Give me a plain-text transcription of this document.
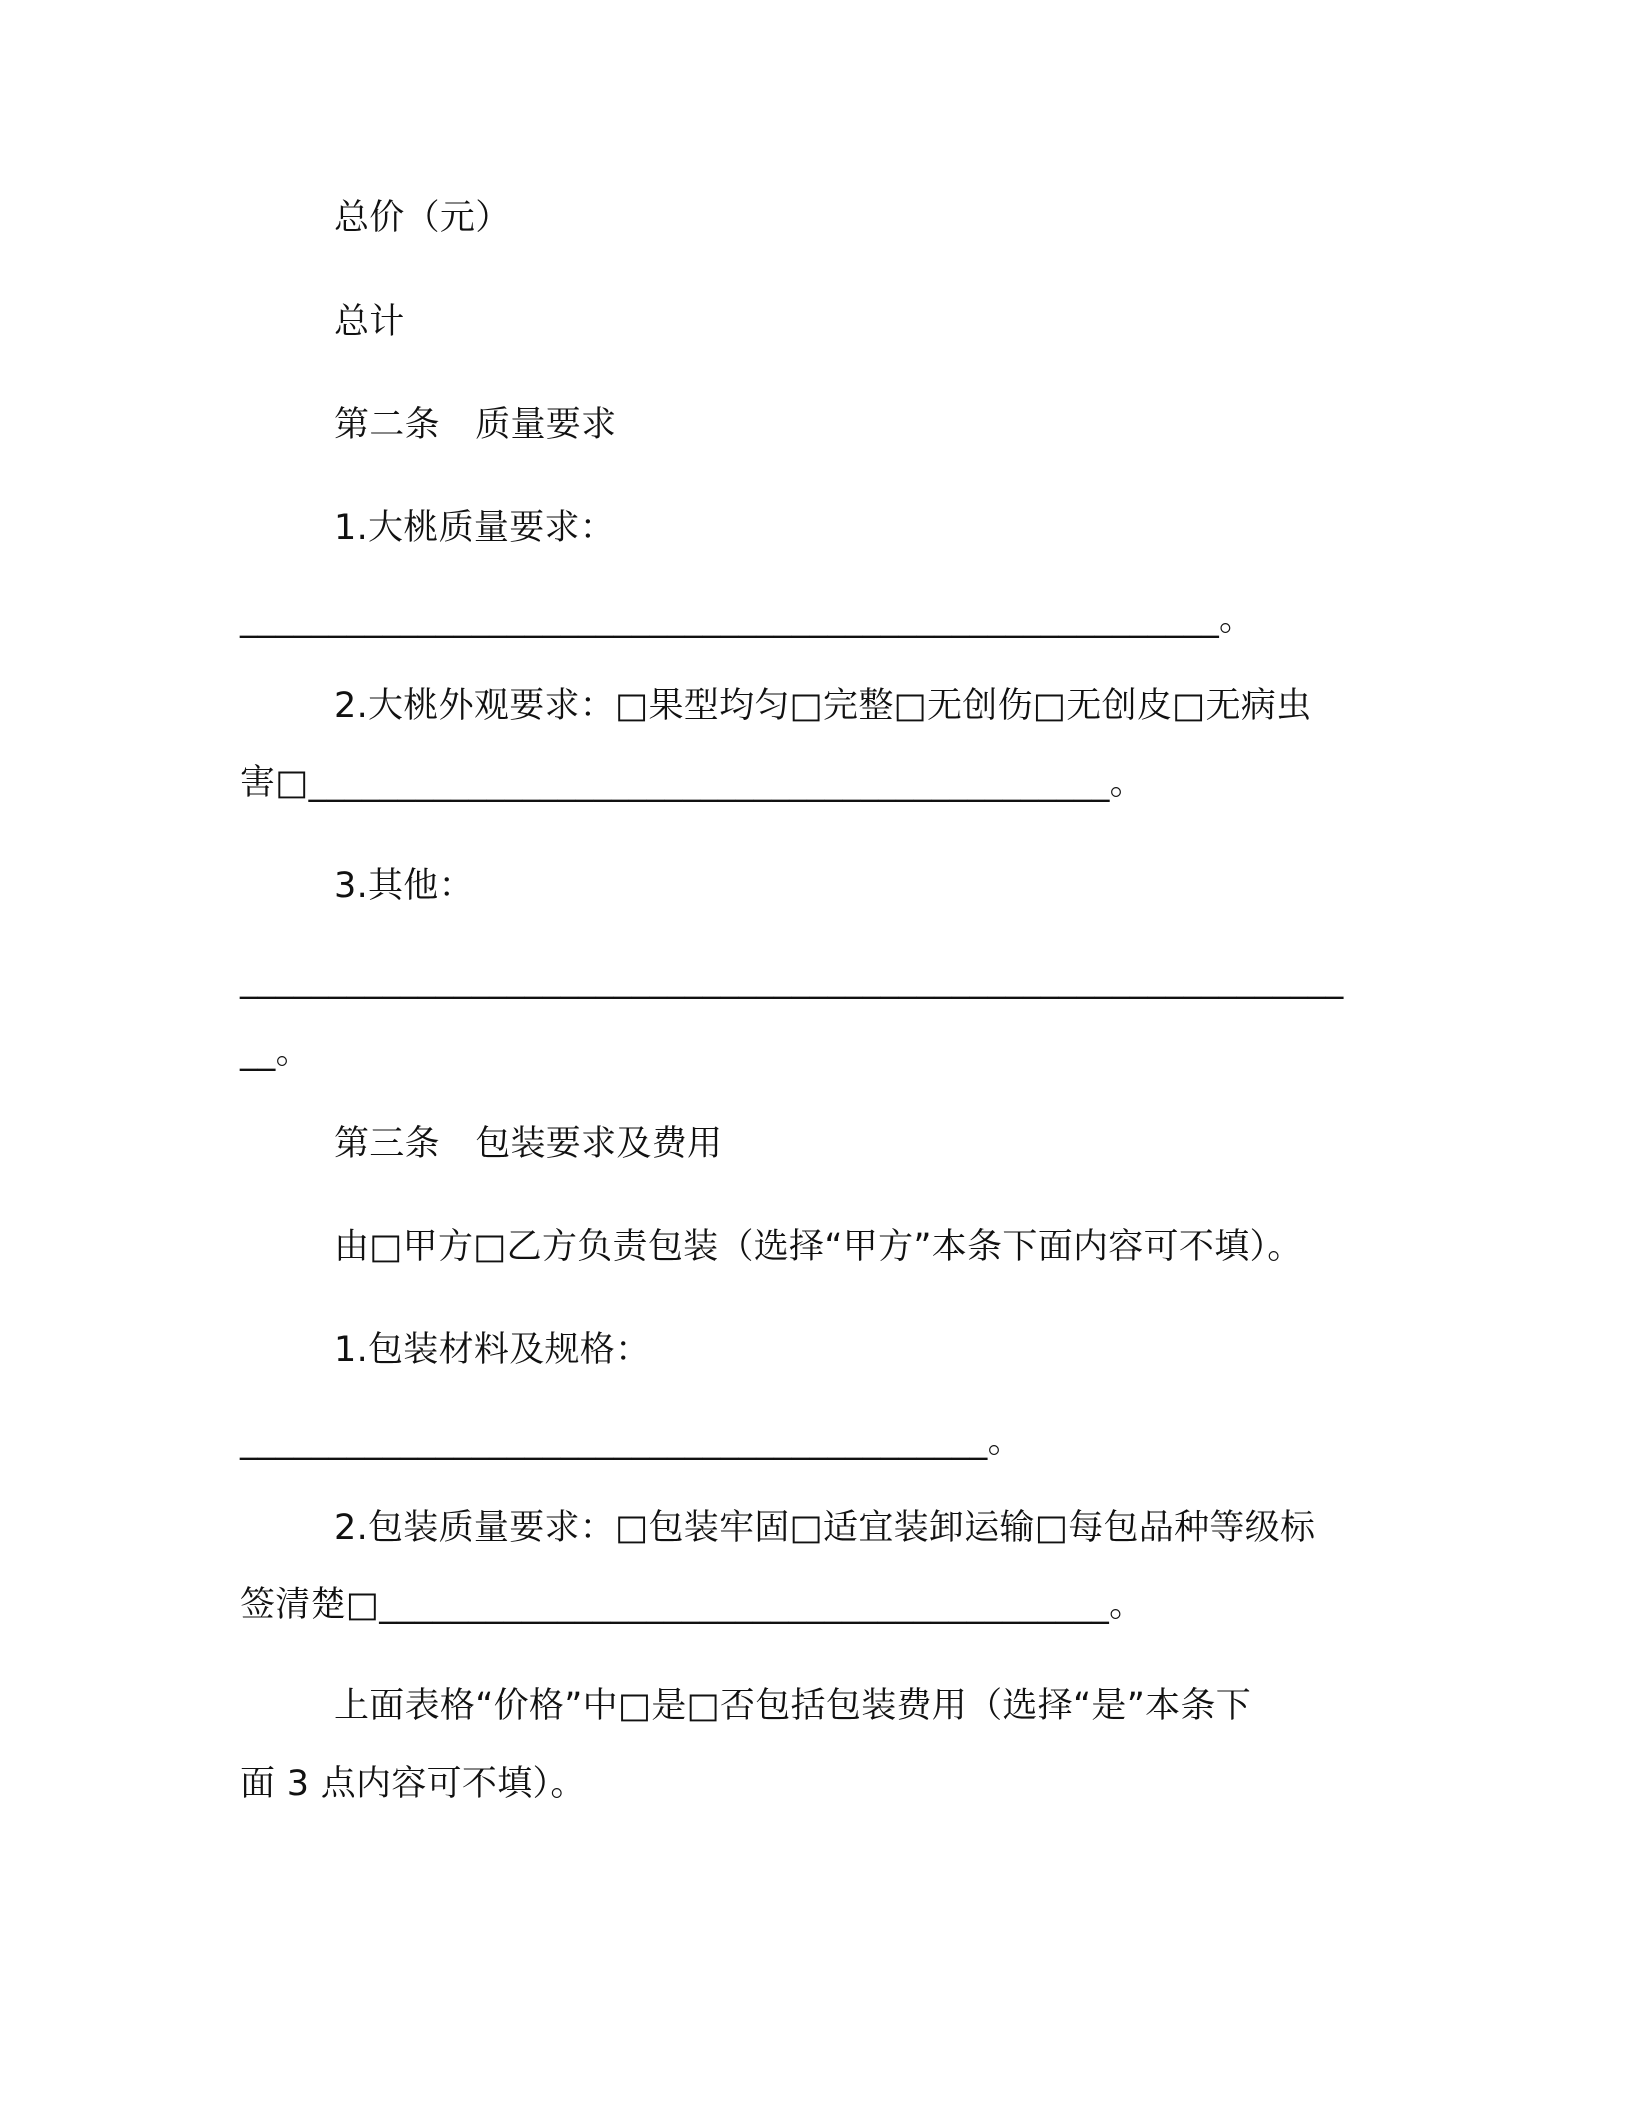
总价（元）
总计
第二条　质量要求
1.大桃质量要求：
_______________________________________________________。
2.大桃外观要求：□果型均匀□完整□无创伤□无创皮□无病虫
害□_____________________________________________。
3.其他：
______________________________________________________________
__。
第三条　包装要求及费用
由□甲方□乙方负责包装（选择“甲方”本条下面内容可不填）。
1.包装材料及规格：
__________________________________________。
2.包装质量要求：□包装牢固□适宜装卸运输□每包品种等级标
签清楚□_________________________________________。
上面表格“价格”中□是□否包括包装费用（选择“是”本条下
面 3 点内容可不填）。
